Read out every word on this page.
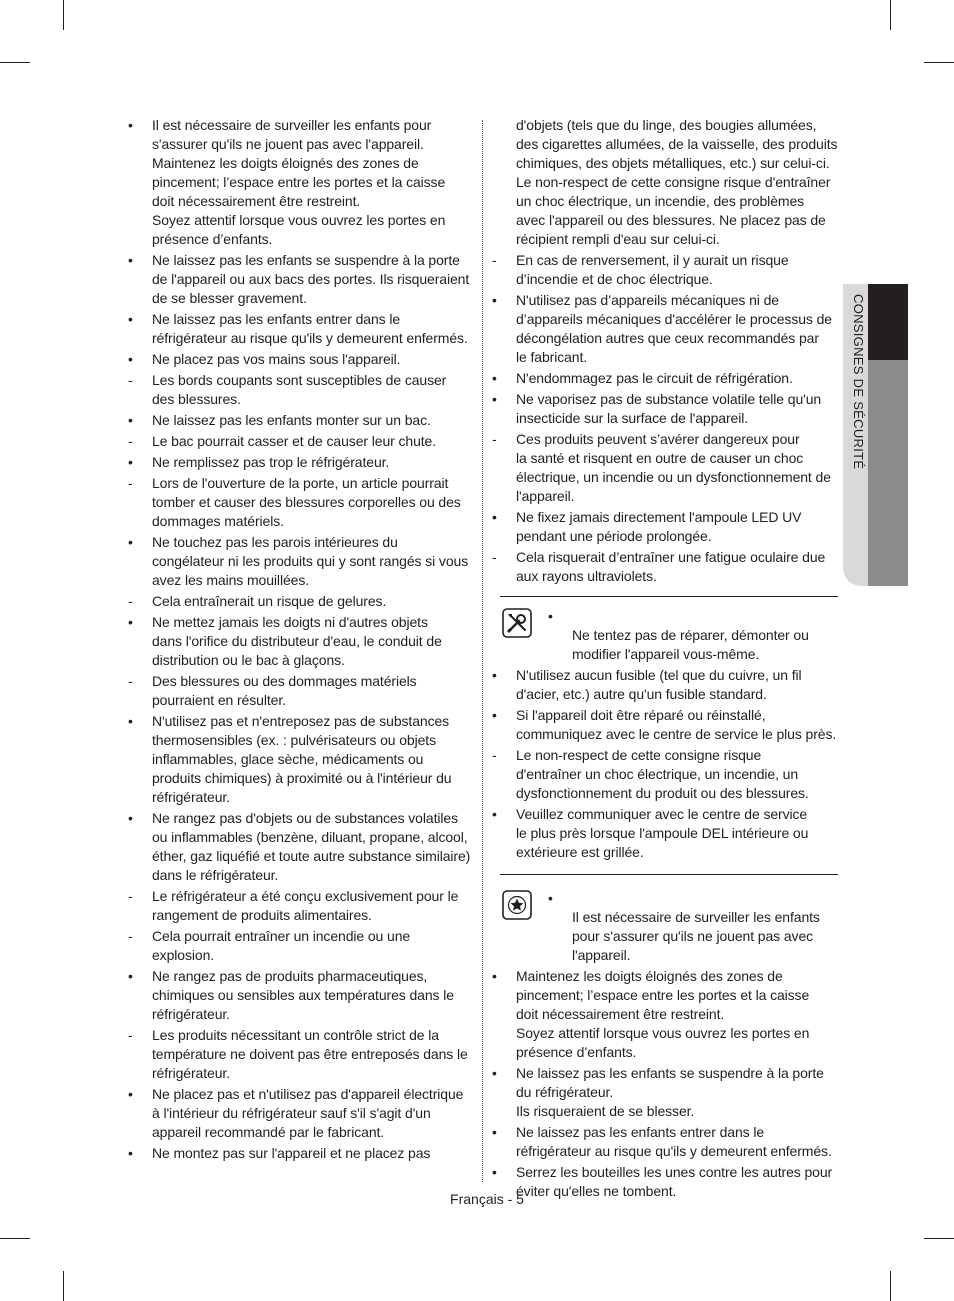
•	Il est nécessaire de surveiller les enfants pour
s'assurer qu'ils ne jouent pas avec l'appareil.
Maintenez les doigts éloignés des zones de
pincement; l’espace entre les portes et la caisse
doit nécessairement être restreint.
Soyez attentif lorsque vous ouvrez les portes en
présence d’enfants.
•	Ne laissez pas les enfants se suspendre à la porte
de l'appareil ou aux bacs des portes. Ils risqueraient
de se blesser gravement.
•	Ne laissez pas les enfants entrer dans le
réfrigérateur au risque qu'ils y demeurent enfermés.
•	Ne placez pas vos mains sous l'appareil.
-	Les bords coupants sont susceptibles de causer
des blessures.
•	Ne laissez pas les enfants monter sur un bac.
-	Le bac pourrait casser et de causer leur chute.
•	Ne remplissez pas trop le réfrigérateur.
-	Lors de l'ouverture de la porte, un article pourrait
tomber et causer des blessures corporelles ou des
dommages matériels.
•	Ne touchez pas les parois intérieures du
congélateur ni les produits qui y sont rangés si vous
avez les mains mouillées.
-	Cela entraînerait un risque de gelures.
•	Ne mettez jamais les doigts ni d'autres objets
dans l'orifice du distributeur d'eau, le conduit de
distribution ou le bac à glaçons.
-	Des blessures ou des dommages matériels
pourraient en résulter.
•	N'utilisez pas et n'entreposez pas de substances
thermosensibles (ex. : pulvérisateurs ou objets
inflammables, glace sèche, médicaments ou
produits chimiques) à proximité ou à l'intérieur du
réfrigérateur.
•	Ne rangez pas d'objets ou de substances volatiles
ou inflammables (benzène, diluant, propane, alcool,
éther, gaz liquéfié et toute autre substance similaire)
dans le réfrigérateur.
-	Le réfrigérateur a été conçu exclusivement pour le
rangement de produits alimentaires.
-	Cela pourrait entraîner un incendie ou une
explosion.
•	Ne rangez pas de produits pharmaceutiques,
chimiques ou sensibles aux températures dans le
réfrigérateur.
-	Les produits nécessitant un contrôle strict de la
température ne doivent pas être entreposés dans le
réfrigérateur.
•	Ne placez pas et n'utilisez pas d'appareil électrique
à l'intérieur du réfrigérateur sauf s'il s'agit d'un
appareil recommandé par le fabricant.
•	Ne montez pas sur l'appareil et ne placez pas
d'objets (tels que du linge, des bougies allumées,
des cigarettes allumées, de la vaisselle, des produits
chimiques, des objets métalliques, etc.) sur celui-ci.
Le non-respect de cette consigne risque d'entraîner
un choc électrique, un incendie, des problèmes
avec l'appareil ou des blessures. Ne placez pas de
récipient rempli d'eau sur celui-ci.
-	En cas de renversement, il y aurait un risque
d’incendie et de choc électrique.
•	N'utilisez pas d’appareils mécaniques ni de
d’appareils mécaniques d'accélérer le processus de
décongélation autres que ceux recommandés par
le fabricant.
•	N'endommagez pas le circuit de réfrigération.
•	Ne vaporisez pas de substance volatile telle qu'un
insecticide sur la surface de l'appareil.
-	Ces produits peuvent s’avérer dangereux pour
la santé et risquent en outre de causer un choc
électrique, un incendie ou un dysfonctionnement de
l'appareil.
•	Ne fixez jamais directement l'ampoule LED UV
pendant une période prolongée.
-	Cela risquerait d’entraîner une fatigue oculaire due
aux rayons ultraviolets.

•
Ne tentez pas de réparer, démonter ou
modifier l'appareil vous-même.

•	N'utilisez aucun fusible (tel que du cuivre, un fil
d'acier, etc.) autre qu'un fusible standard.
•	Si l'appareil doit être réparé ou réinstallé,
communiquez avec le centre de service le plus près.
-	Le non-respect de cette consigne risque
d'entraîner un choc électrique, un incendie, un
dysfonctionnement du produit ou des blessures.
•	Veuillez communiquer avec le centre de service
le plus près lorsque l'ampoule DEL intérieure ou
extérieure est grillée.

•
Il est nécessaire de surveiller les enfants
pour s'assurer qu'ils ne jouent pas avec
l'appareil.

•	Maintenez les doigts éloignés des zones de
pincement; l’espace entre les portes et la caisse
doit nécessairement être restreint.
Soyez attentif lorsque vous ouvrez les portes en
présence d’enfants.
•	Ne laissez pas les enfants se suspendre à la porte
du réfrigérateur.
Ils risqueraient de se blesser.
•	Ne laissez pas les enfants entrer dans le
réfrigérateur au risque qu'ils y demeurent enfermés.
•	Serrez les bouteilles les unes contre les autres pour
éviter qu'elles ne tombent.
CONSIGNES DE SÉCURITÉ
Français - 5
